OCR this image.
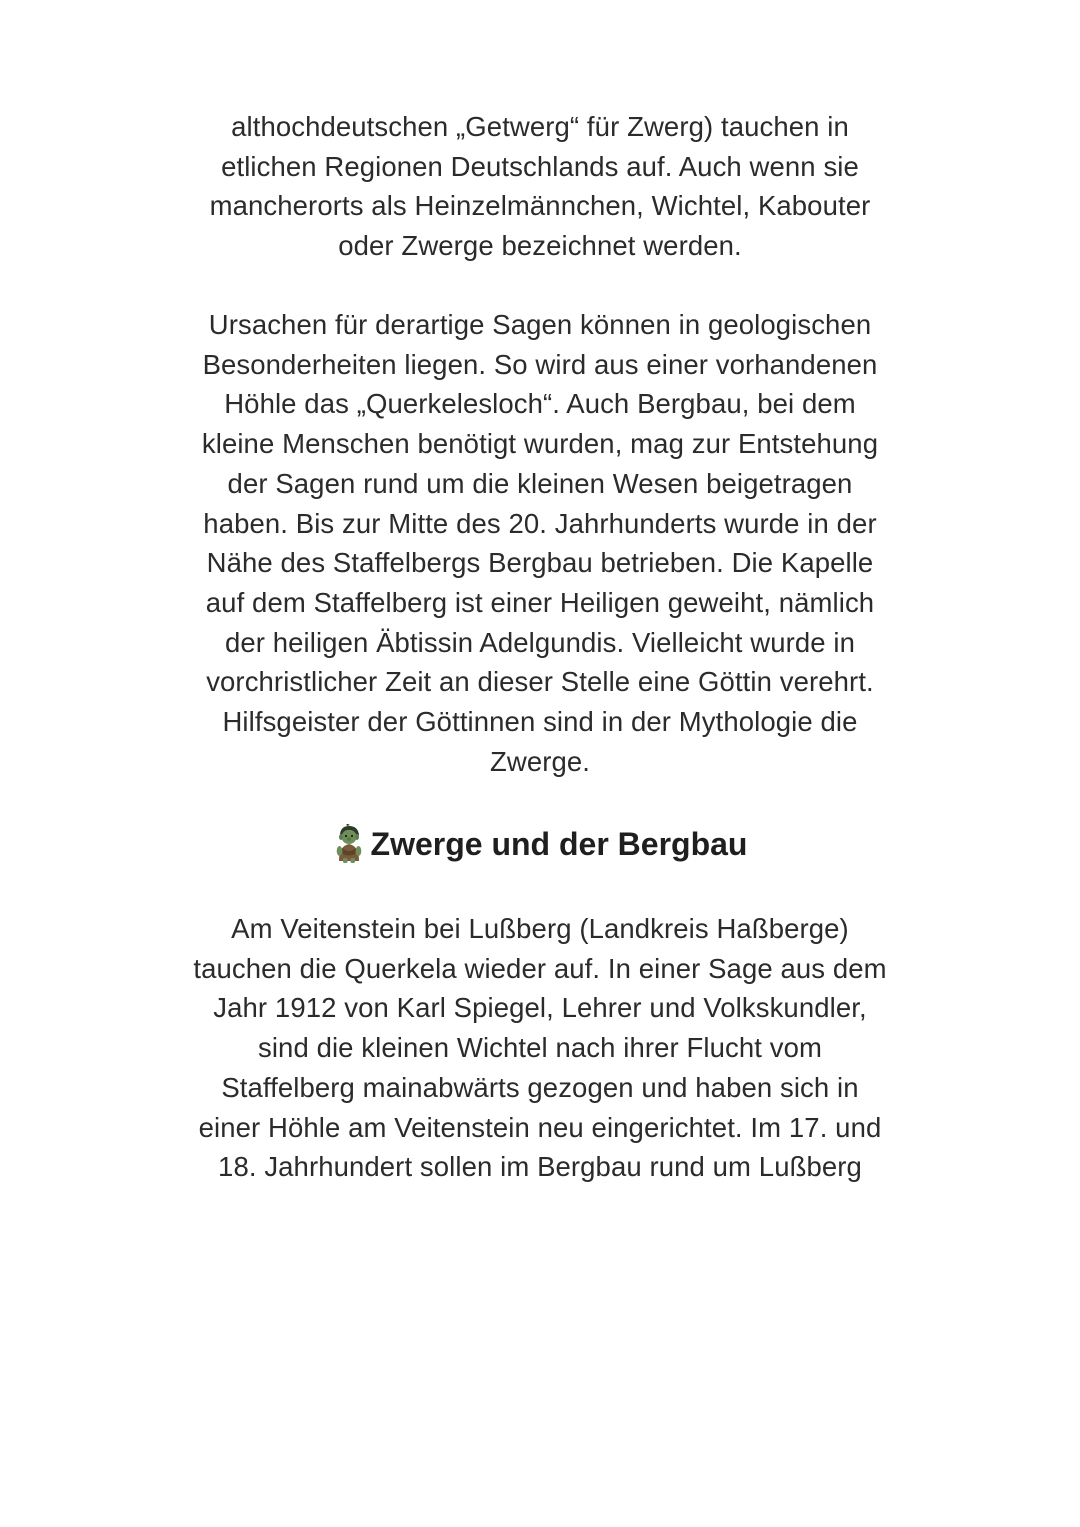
althochdeutschen „Getwerg“ für Zwerg) tauchen in
etlichen Regionen Deutschlands auf. Auch wenn sie
mancherorts als Heinzelmännchen, Wichtel, Kabouter
oder Zwerge bezeichnet werden.

Ursachen für derartige Sagen können in geologischen
Besonderheiten liegen. So wird aus einer vorhandenen
Höhle das „Querkelesloch“. Auch Bergbau, bei dem
kleine Menschen benötigt wurden, mag zur Entstehung
der Sagen rund um die kleinen Wesen beigetragen
haben. Bis zur Mitte des 20. Jahrhunderts wurde in der
Nähe des Staffelbergs Bergbau betrieben. Die Kapelle
auf dem Staffelberg ist einer Heiligen geweiht, nämlich
der heiligen Äbtissin Adelgundis. Vielleicht wurde in
vorchristlicher Zeit an dieser Stelle eine Göttin verehrt.
Hilfsgeister der Göttinnen sind in der Mythologie die
Zwerge.

Zwerge und der Bergbau

Am Veitenstein bei Lußberg (Landkreis Haßberge)
tauchen die Querkela wieder auf. In einer Sage aus dem
Jahr 1912 von Karl Spiegel, Lehrer und Volkskundler,
sind die kleinen Wichtel nach ihrer Flucht vom
Staffelberg mainabwärts gezogen und haben sich in
einer Höhle am Veitenstein neu eingerichtet. Im 17. und
18. Jahrhundert sollen im Bergbau rund um Lußberg
